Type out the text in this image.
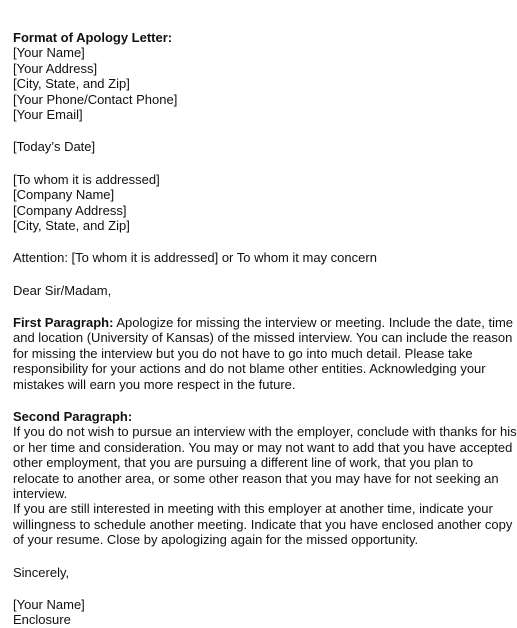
Format of Apology Letter:
[Your Name]
[Your Address]
[City, State, and Zip]
[Your Phone/Contact Phone]
[Your Email]
[Today’s Date]
[To whom it is addressed]
[Company Name]
[Company Address]
[City, State, and Zip]
Attention: [To whom it is addressed] or To whom it may concern
Dear Sir/Madam,
First Paragraph: Apologize for missing the interview or meeting. Include the date, time
and location (University of Kansas) of the missed interview. You can include the reason
for missing the interview but you do not have to go into much detail. Please take
responsibility for your actions and do not blame other entities. Acknowledging your
mistakes will earn you more respect in the future.
Second Paragraph:
If you do not wish to pursue an interview with the employer, conclude with thanks for his
or her time and consideration. You may or may not want to add that you have accepted
other employment, that you are pursuing a different line of work, that you plan to
relocate to another area, or some other reason that you may have for not seeking an
interview.
If you are still interested in meeting with this employer at another time, indicate your
willingness to schedule another meeting. Indicate that you have enclosed another copy
of your resume. Close by apologizing again for the missed opportunity.
Sincerely,
[Your Name]
Enclosure
